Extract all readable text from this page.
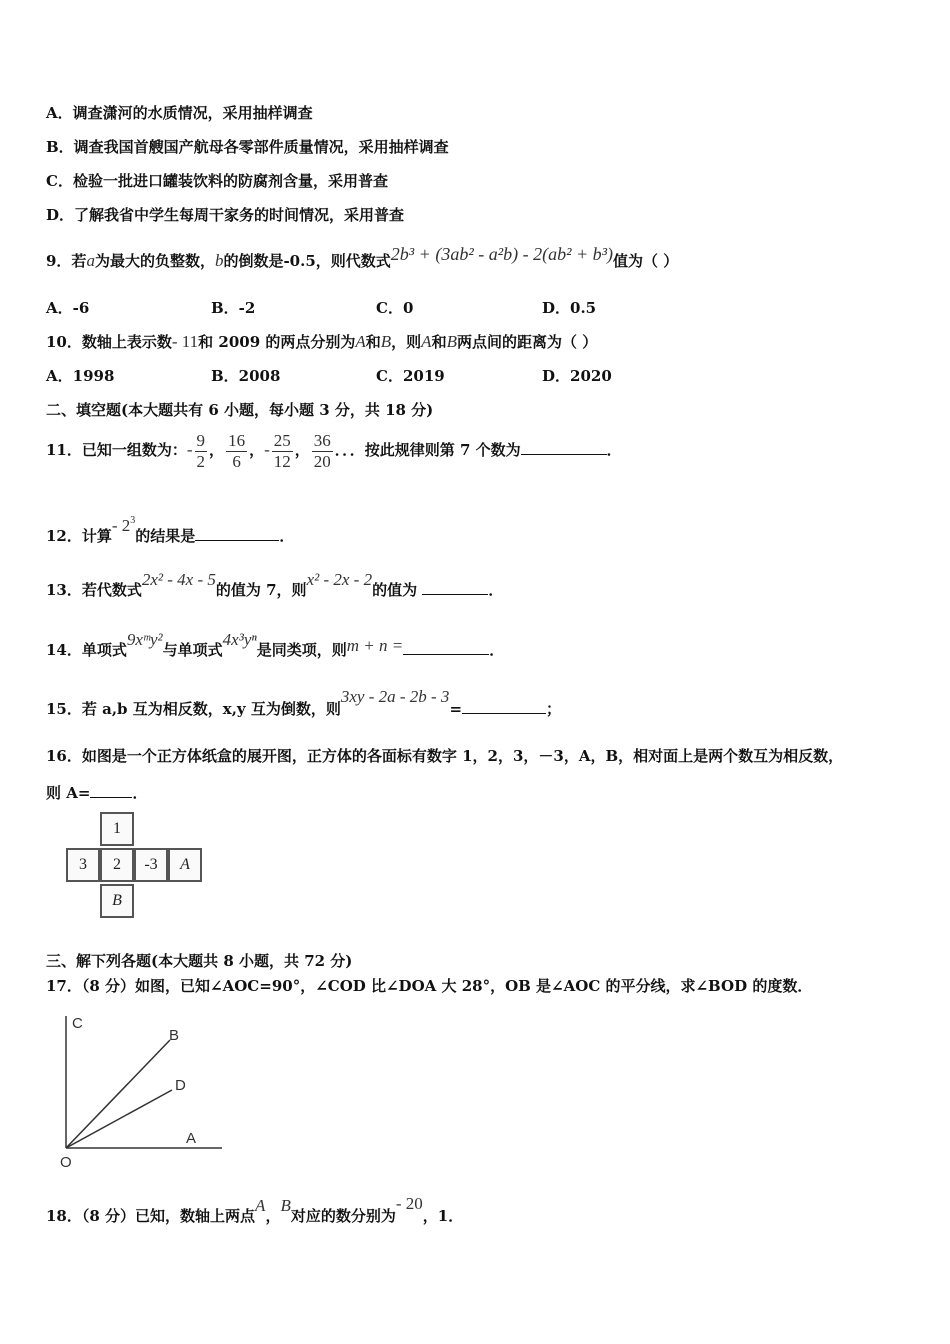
A．调查潇河的水质情况，采用抽样调查
B．调查我国首艘国产航母各零部件质量情况，采用抽样调查
C．检验一批进口罐装饮料的防腐剂含量，采用普查
D．了解我省中学生每周干家务的时间情况，采用普查
9．若a为最大的负整数，b的倒数是-0.5，则代数式2b³ + (3ab² - a²b) - 2(ab² + b³)值为（ ）
A．-6	B．-2	C．0	D．0.5
10．数轴上表示数- 11和 2009 的两点分别为A和B，则A和B两点间的距离为（ ）
A．1998	B．2008	C．2019	D．2020
二、填空题(本大题共有 6 小题，每小题 3 分，共 18 分)
11．已知一组数为：- $\frac{9}{2}$ ， $\frac{16}{6}$ ，- $\frac{25}{12}$ ， $\frac{36}{20}$ ．．．按此规律则第 7 个数为	．
12．计算- $2^3$的结果是	．
13．若代数式2x² - 4x - 5的值为 7，则x² - 2x - 2的值为	．
14．单项式9xᵐy²与单项式4x³yⁿ是同类项，则m + n =	．
15．若 a,b 互为相反数，x,y 互为倒数，则3xy - 2a - 2b - 3=	；
16．如图是一个正方体纸盒的展开图，正方体的各面标有数字 1，2，3，－3，A，B，相对面上是两个数互为相反数，
则 A=	．
1
3	2	-3	A
B
三、解下列各题(本大题共 8 小题，共 72 分)
17．（8 分）如图，已知∠AOC=90°，∠COD 比∠DOA 大 28°，OB 是∠AOC 的平分线，求∠BOD 的度数．
C
B
D
A
O
18．（8 分）已知，数轴上两点A，B对应的数分别为- 20，1．
